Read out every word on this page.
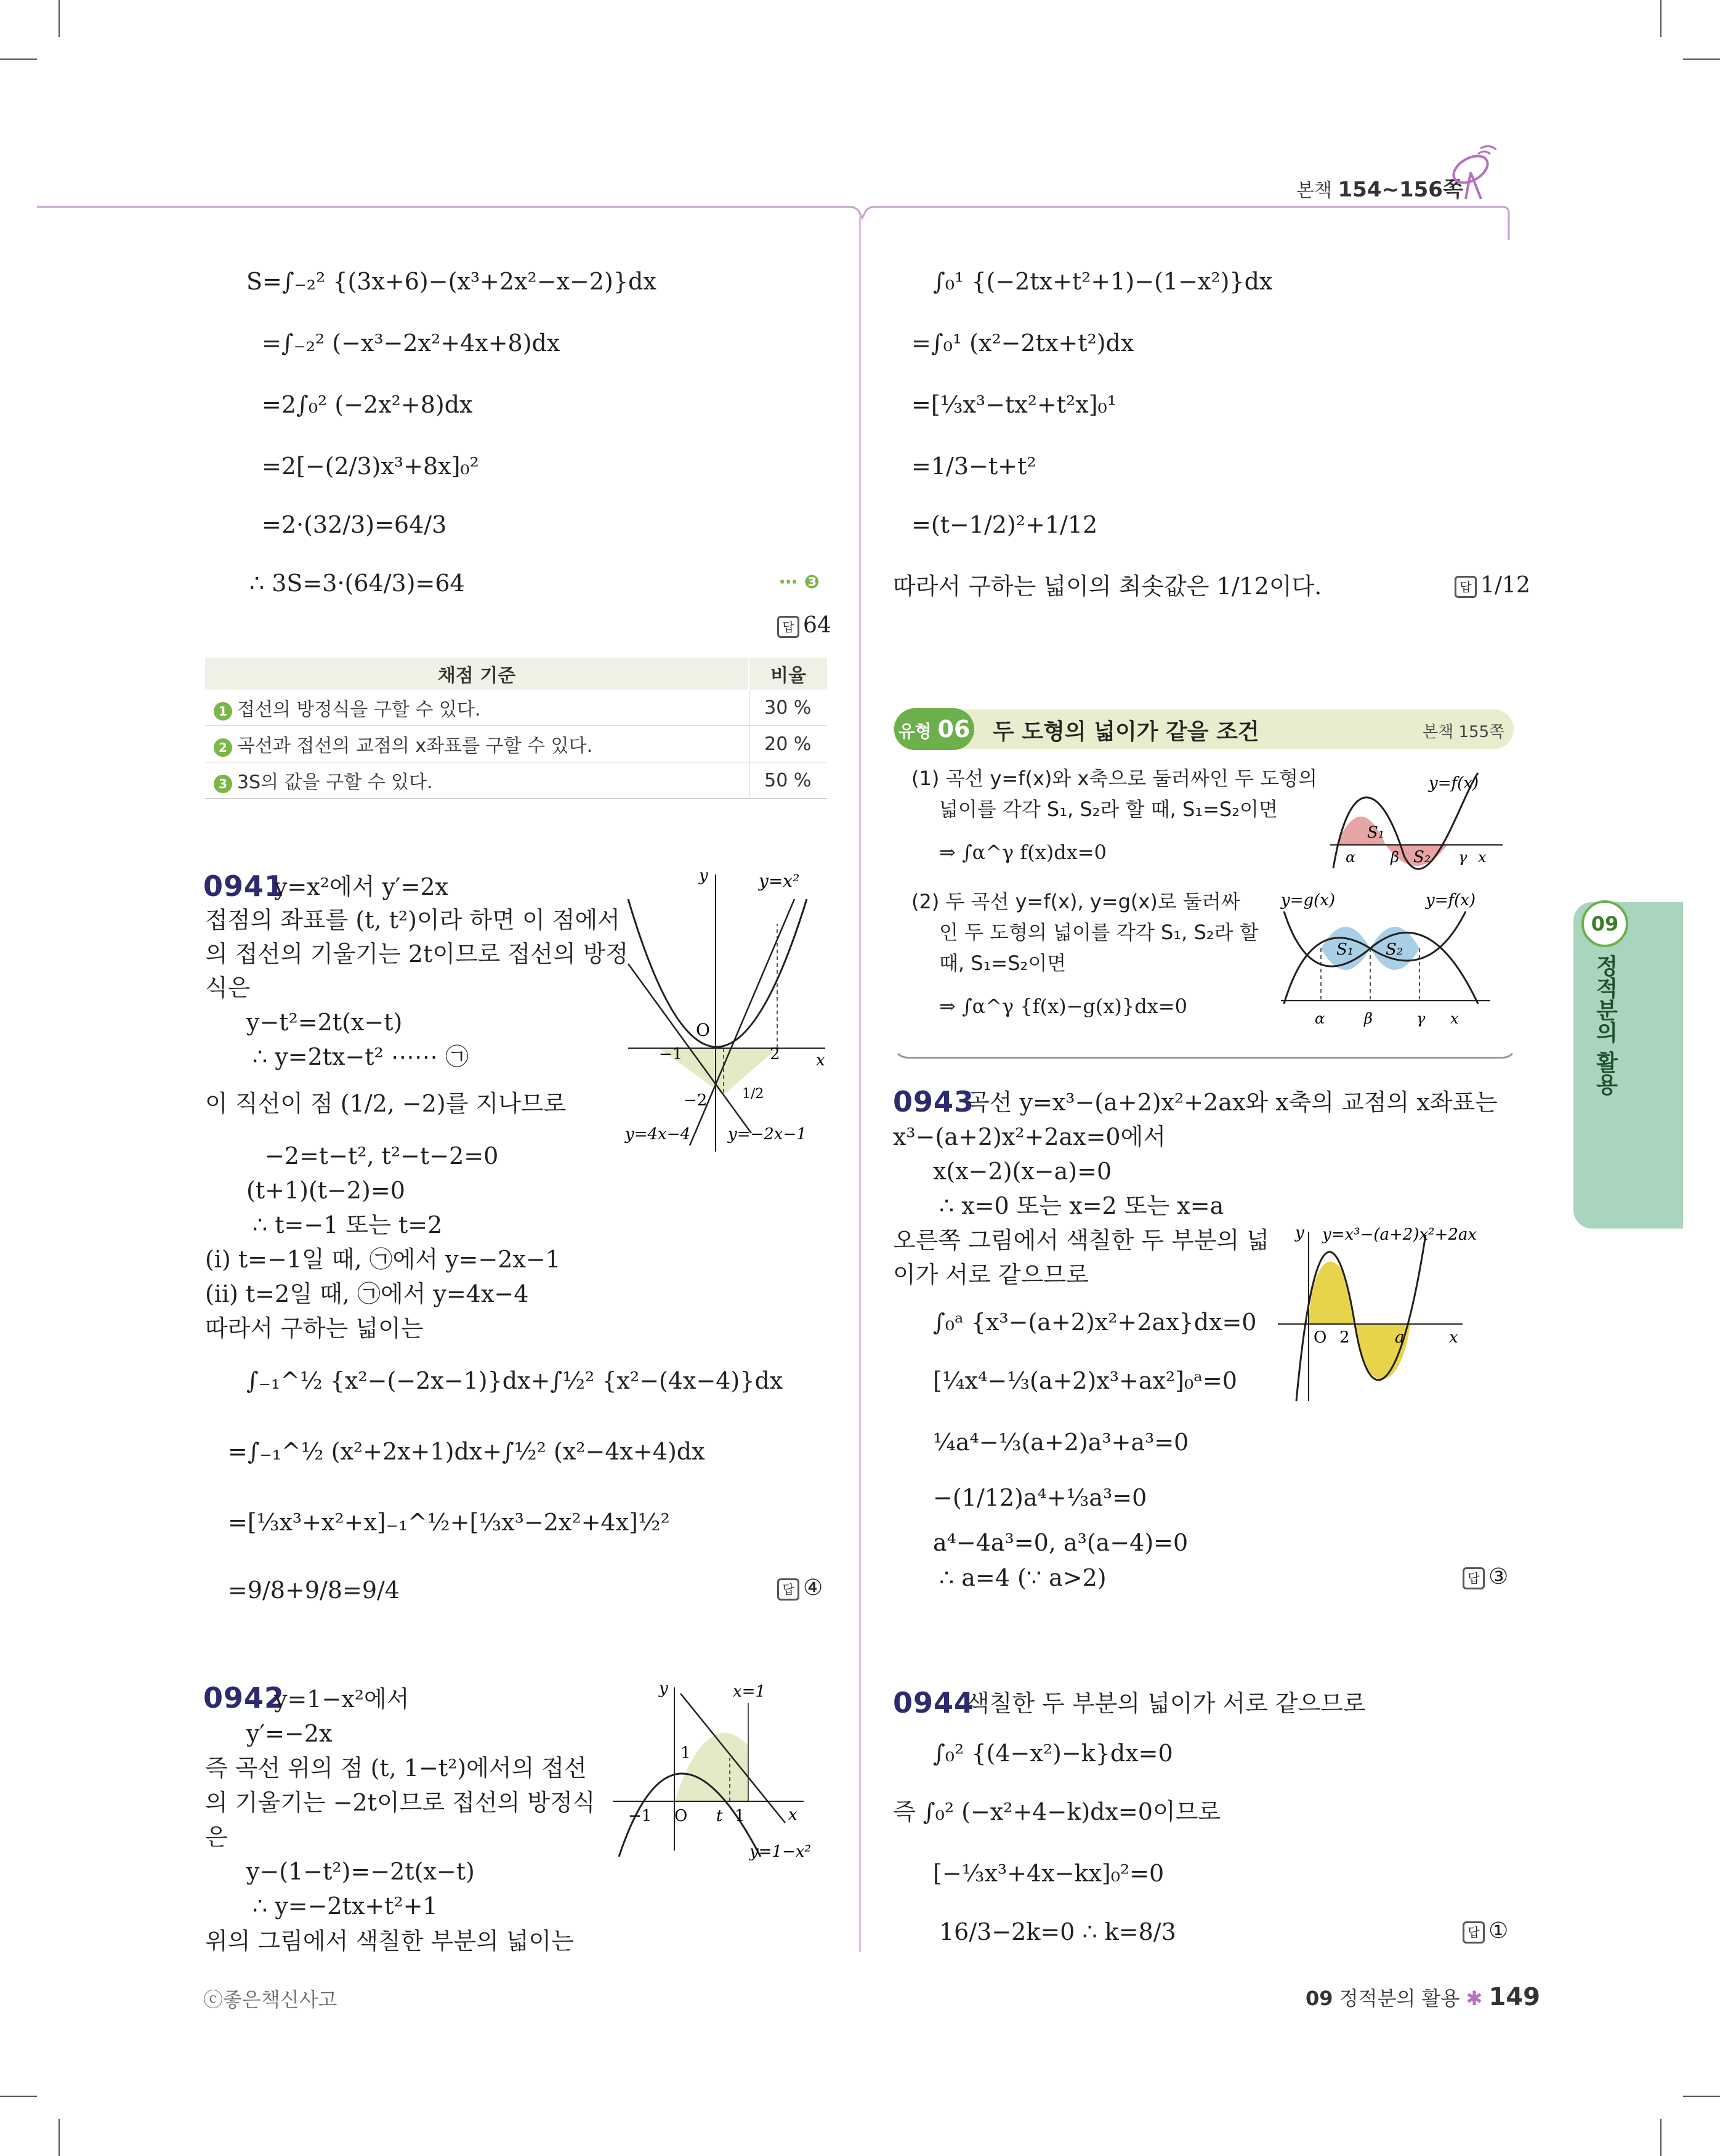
본책 154~156쪽
S=∫₋₂² {(3x+6)−(x³+2x²−x−2)}dx
=∫₋₂² (−x³−2x²+4x+8)dx
=2∫₀² (−2x²+8)dx
=2[−(2/3)x³+8x]₀²
=2·(32/3)=64/3
∴ 3S=3·(64/3)=64	⋯ ❸
답 64
채점 기준	비율
1 접선의 방정식을 구할 수 있다.	30 %
2 곡선과 접선의 교점의 x좌표를 구할 수 있다.	20 %
3 3S의 값을 구할 수 있다.	50 %
0941
y=x²에서 y′=2x
접점의 좌표를 (t, t²)이라 하면 이 점에서
의 접선의 기울기는 2t이므로 접선의 방정
식은
y−t²=2t(x−t)
∴ y=2tx−t² ⋯⋯ ㉠
이 직선이 점 (1/2, −2)를 지나므로
−2=t−t², t²−t−2=0
(t+1)(t−2)=0
∴ t=−1 또는 t=2
(ⅰ) t=−1일 때, ㉠에서 y=−2x−1
(ⅱ) t=2일 때, ㉠에서 y=4x−4
따라서 구하는 넓이는
∫₋₁^½ {x²−(−2x−1)}dx+∫½² {x²−(4x−4)}dx
=∫₋₁^½ (x²+2x+1)dx+∫½² (x²−4x+4)dx
=[⅓x³+x²+x]₋₁^½+[⅓x³−2x²+4x]½²
=9/8+9/8=9/4	답 ④
y
x
y=x²
O
−1	2
−2	1/2
y=4x−4 y=−2x−1
0942
y=1−x²에서
y′=−2x
즉 곡선 위의 점 (t, 1−t²)에서의 접선
의 기울기는 −2t이므로 접선의 방정식
은
y−(1−t²)=−2t(x−t)
∴ y=−2tx+t²+1
위의 그림에서 색칠한 부분의 넓이는
y
x
x=1
1
−1 O t 1
y=1−x²
ⓒ좋은책신사고
∫₀¹ {(−2tx+t²+1)−(1−x²)}dx
=∫₀¹ (x²−2tx+t²)dx
=[⅓x³−tx²+t²x]₀¹
=1/3−t+t²
=(t−1/2)²+1/12
따라서 구하는 넓이의 최솟값은 1/12이다.	답 1/12
유형 06 두 도형의 넓이가 같을 조건	본책 155쪽
(1) 곡선 y=f(x)와 x축으로 둘러싸인 두 도형의
넓이를 각각 S₁, S₂라 할 때, S₁=S₂이면
⇒ ∫α^γ f(x)dx=0
(2) 두 곡선 y=f(x), y=g(x)로 둘러싸
인 두 도형의 넓이를 각각 S₁, S₂라 할
때, S₁=S₂이면
⇒ ∫α^γ {f(x)−g(x)}dx=0
y=f(x)
S₁
S₂
α β	γ x
y=g(x)	y=f(x)
S₁ S₂
α	β	γ x
0943
곡선 y=x³−(a+2)x²+2ax와 x축의 교점의 x좌표는
x³−(a+2)x²+2ax=0에서
x(x−2)(x−a)=0
∴ x=0 또는 x=2 또는 x=a
오른쪽 그림에서 색칠한 두 부분의 넓
이가 서로 같으므로
∫₀ᵃ {x³−(a+2)x²+2ax}dx=0
[¼x⁴−⅓(a+2)x³+ax²]₀ᵃ=0
¼a⁴−⅓(a+2)a³+a³=0
−(1/12)a⁴+⅓a³=0
a⁴−4a³=0, a³(a−4)=0
∴ a=4 (∵ a>2)	답 ③
y y=x³−(a+2)x²+2ax
O 2	a	x
0944
색칠한 두 부분의 넓이가 서로 같으므로
∫₀² {(4−x²)−k}dx=0
즉 ∫₀² (−x²+4−k)dx=0이므로
[−⅓x³+4x−kx]₀²=0
16/3−2k=0 ∴ k=8/3	답 ①
09 정적분의 활용 ✱ 149
09
정적분의 활용
